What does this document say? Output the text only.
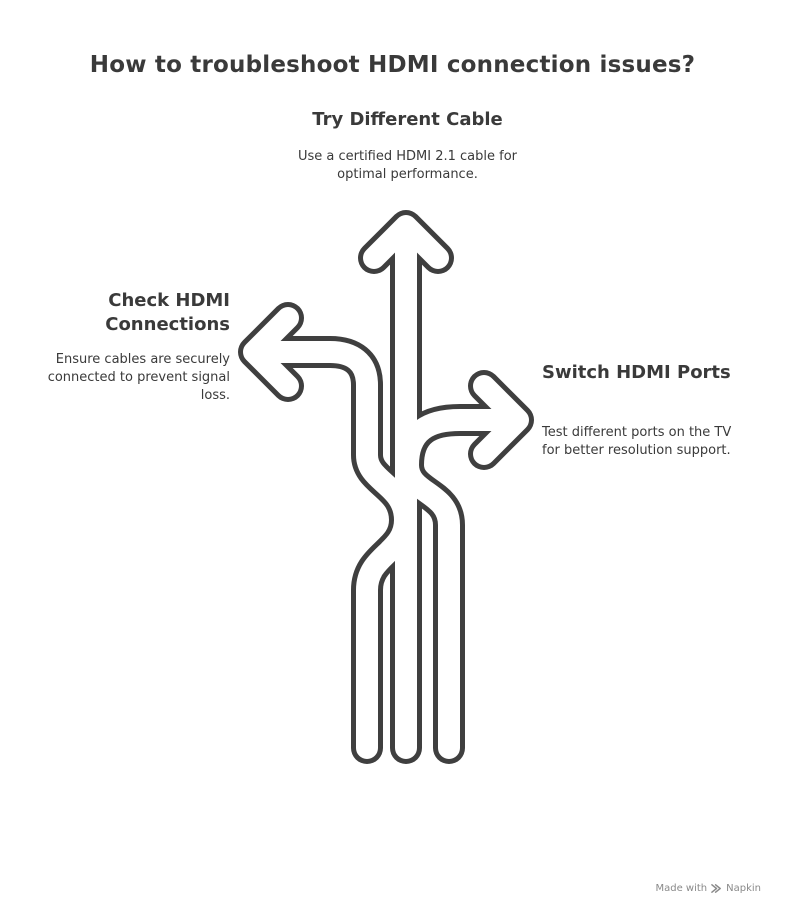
How to troubleshoot HDMI connection issues?
Try Different Cable
Use a certified HDMI 2.1 cable for optimal performance.
Check HDMI Connections
Ensure cables are securely connected to prevent signal loss.
Switch HDMI Ports
Test different ports on the TV for better resolution support.
Made with Napkin
